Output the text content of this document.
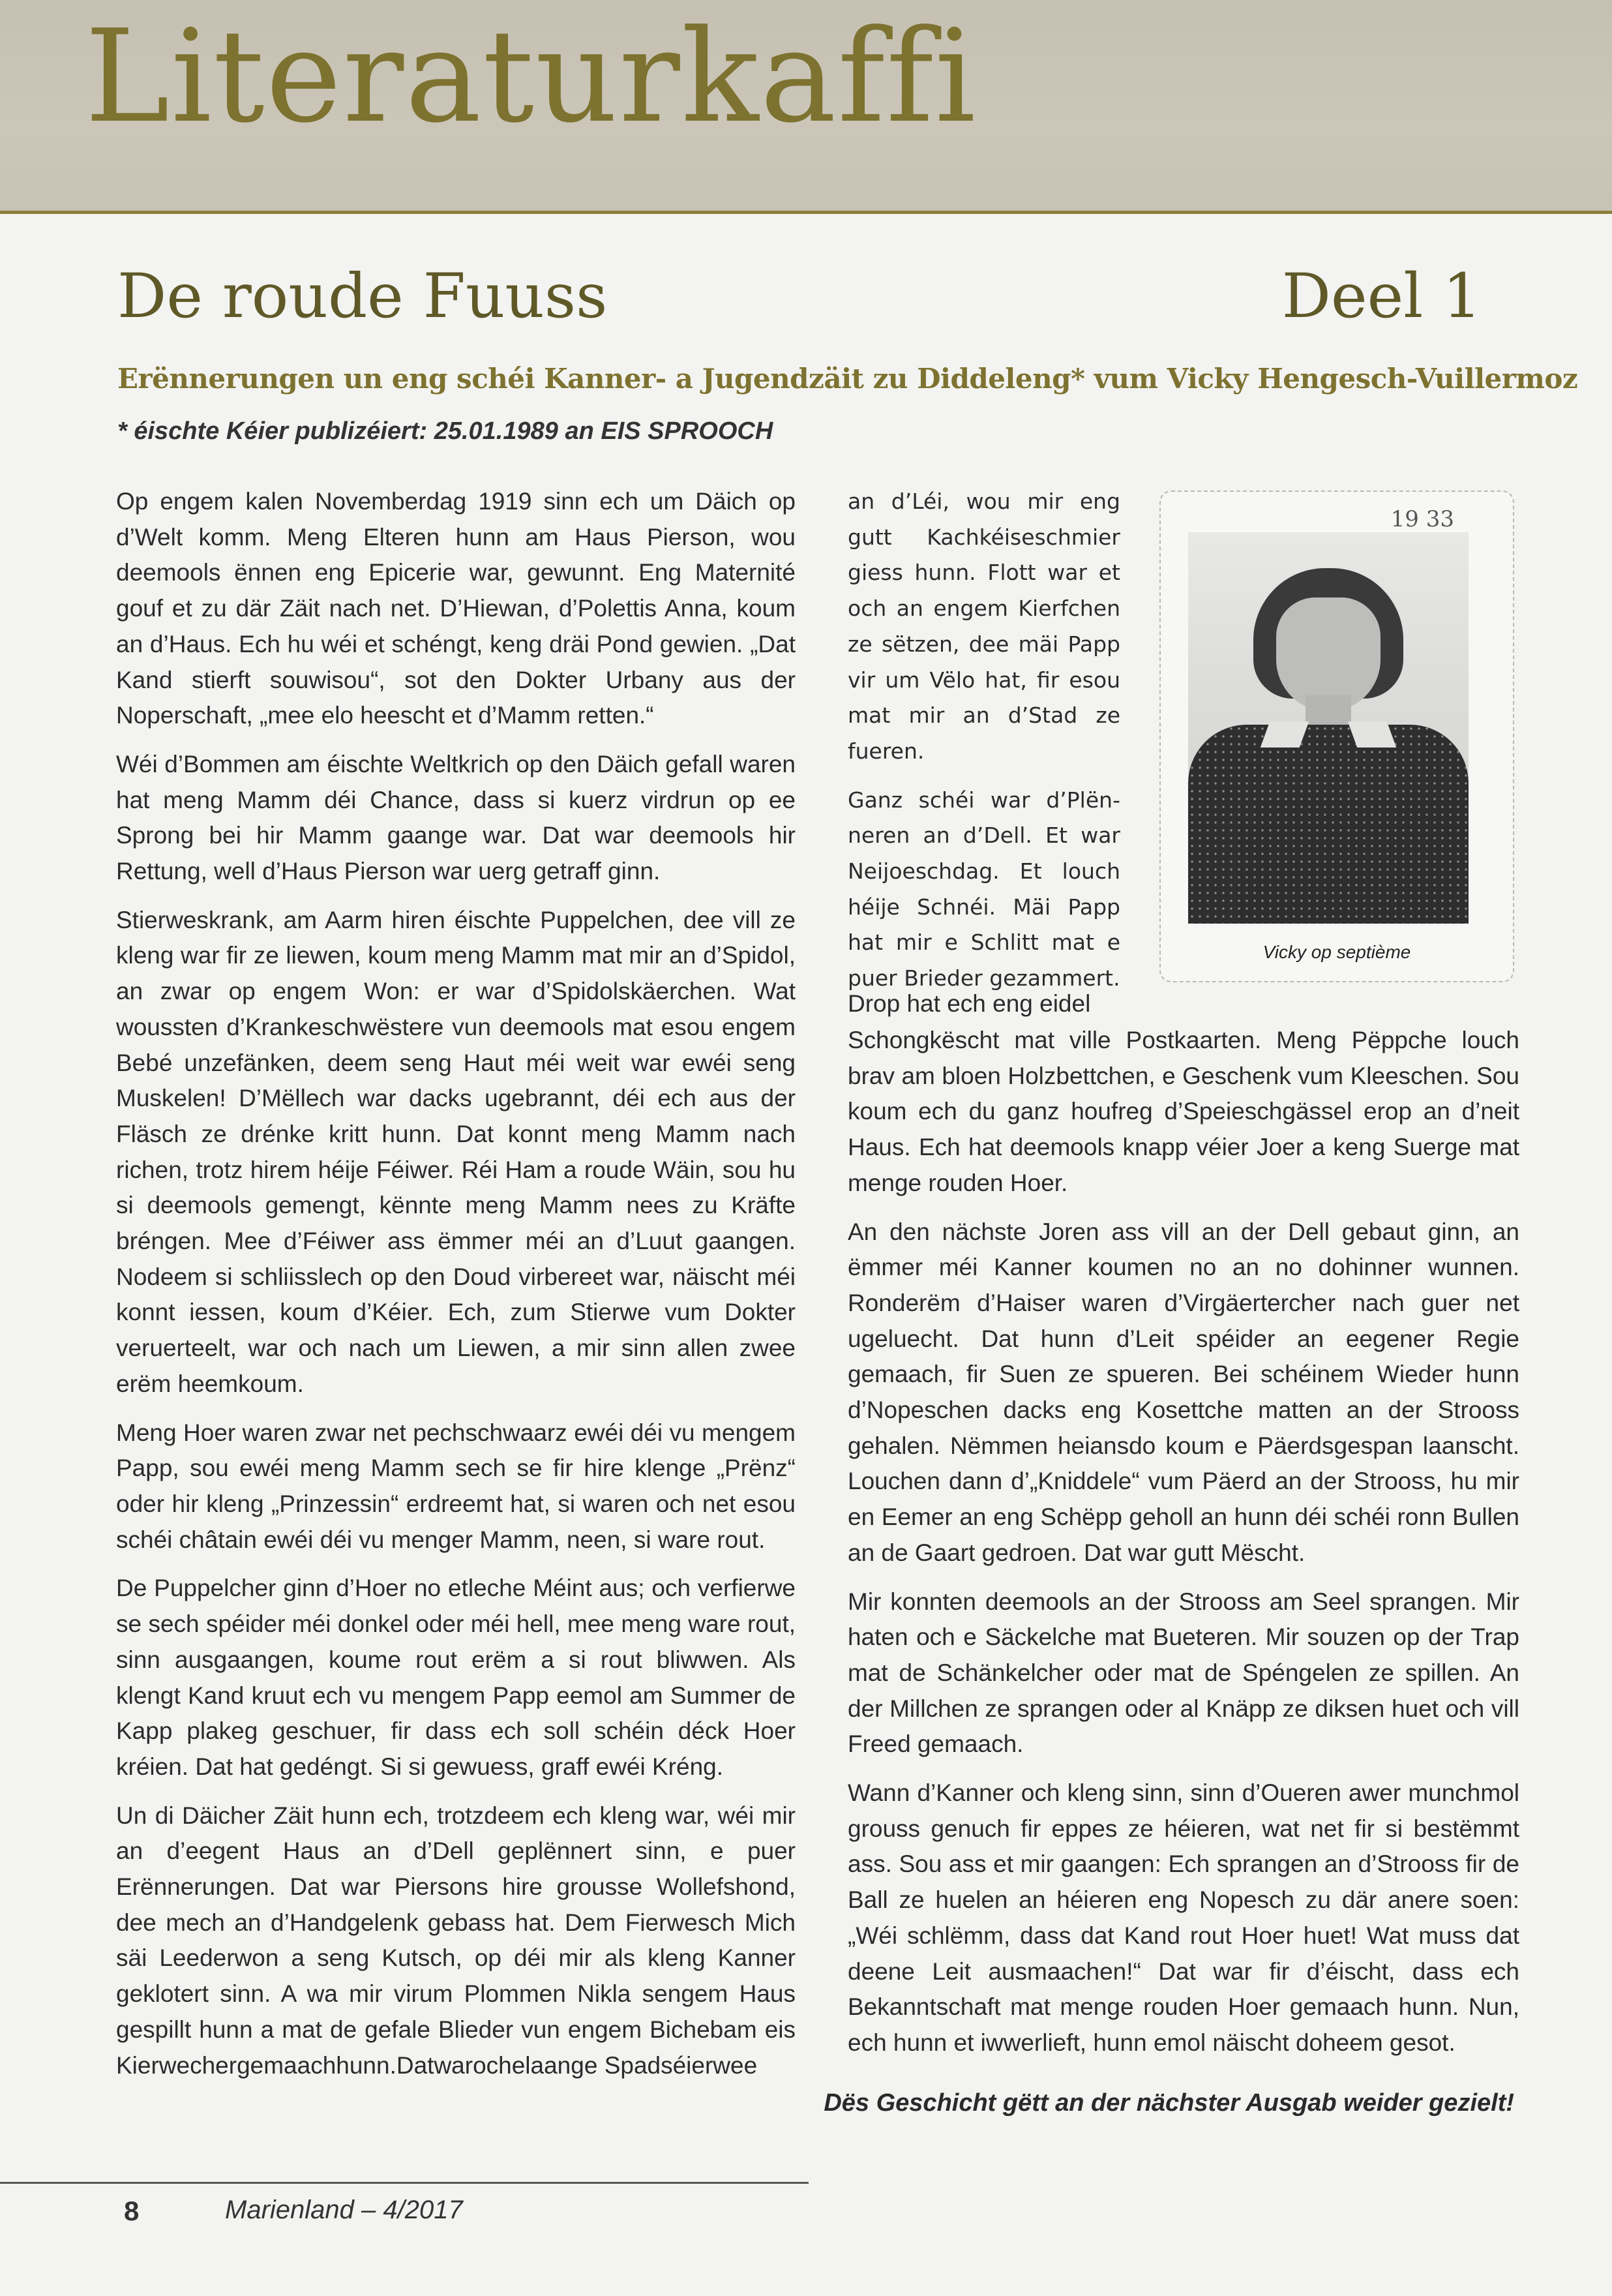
Literaturkaffi
De roude Fuuss	Deel 1
Erënnerungen un eng schéi Kanner- a Jugendzäit zu Diddeleng* vum Vicky Hengesch-Vuillermoz
* éischte Kéier publizéiert: 25.01.1989 an EIS SPROOCH

Op engem kalen Novemberdag 1919 sinn ech um Däich op d’Welt komm. Meng Elteren hunn am Haus Pierson, wou deemools ënnen eng Epicerie war, gewunnt. Eng Maternité gouf et zu där Zäit nach net. D’Hiewan, d’Polettis Anna, koum an d’Haus. Ech hu wéi et schéngt, keng dräi Pond gewien. „Dat Kand stierft souwisou“, sot den Dokter Urbany aus der Noperschaft, „mee elo heescht et d’Mamm retten.“

Wéi d’Bommen am éischte Weltkrich op den Däich gefall waren hat meng Mamm déi Chance, dass si kuerz virdrun op ee Sprong bei hir Mamm gaange war. Dat war deemools hir Rettung, well d’Haus Pierson war uerg getraff ginn.

Stierweskrank, am Aarm hiren éischte Puppelchen, dee vill ze kleng war fir ze liewen, koum meng Mamm mat mir an d’Spidol, an zwar op engem Won: er war d’Spidolskäerchen. Wat woussten d’Krankeschwëstere vun deemools mat esou engem Bebé unzefänken, deem seng Haut méi weit war ewéi seng Muskelen! D’Mëllech war dacks ugebrannt, déi ech aus der Fläsch ze drénke kritt hunn. Dat konnt meng Mamm nach richen, trotz hirem héije Féiwer. Réi Ham a roude Wäin, sou hu si deemools gemengt, kënnte meng Mamm nees zu Kräfte bréngen. Mee d’Féiwer ass ëmmer méi an d’Luut gaangen. Nodeem si schliisslech op den Doud virbereet war, näischt méi konnt iessen, koum d’Kéier. Ech, zum Stierwe vum Dokter veruerteelt, war och nach um Liewen, a mir sinn allen zwee erëm heemkoum.

Meng Hoer waren zwar net pechschwaarz ewéi déi vu mengem Papp, sou ewéi meng Mamm sech se fir hire klenge „Prënz“ oder hir kleng „Prinzessin“ erdreemt hat, si waren och net esou schéi châtain ewéi déi vu menger Mamm, neen, si ware rout.

De Puppelcher ginn d’Hoer no etleche Méint aus; och verfierwe se sech spéider méi donkel oder méi hell, mee meng ware rout, sinn ausgaangen, koume rout erëm a si rout bliwwen. Als klengt Kand kruut ech vu mengem Papp eemol am Summer de Kapp plakeg geschuer, fir dass ech soll schéin déck Hoer kréien. Dat hat gedéngt. Si si gewuess, graff ewéi Kréng.

Un di Däicher Zäit hunn ech, trotzdeem ech kleng war, wéi mir an d’eegent Haus an d’Dell geplënnert sinn, e puer Erënnerungen. Dat war Piersons hire grousse Wollefshond, dee mech an d’Handgelenk gebass hat. Dem Fierwesch Mich säi Leederwon a seng Kutsch, op déi mir als kleng Kanner geklotert sinn. A wa mir virum Plommen Nikla sengem Haus gespillt hunn a mat de gefale Blieder vun engem Bichebam eis Kierwechergemaachhunn.Datwarochelaange Spadséierwee

an d’Léi, wou mir eng gutt Kachkéiseschmier giess hunn. Flott war et och an engem Kierfchen ze sëtzen, dee mäi Papp vir um Vëlo hat, fir esou mat mir an d’Stad ze fueren.

Ganz schéi war d’Plënneren an d’Dell. Et war Neijoeschdag. Et louch héije Schnéi. Mäi Papp hat mir e Schlitt mat e puer Brieder gezammert.

Drop hat ech eng eidel
19 33
Vicky op septième

Schongkëscht mat ville Postkaarten. Meng Pëppche louch brav am bloen Holzbettchen, e Geschenk vum Kleeschen. Sou koum ech du ganz houfreg d’Speieschgässel erop an d’neit Haus. Ech hat deemools knapp véier Joer a keng Suerge mat menge rouden Hoer.

An den nächste Joren ass vill an der Dell gebaut ginn, an ëmmer méi Kanner koumen no an no dohinner wunnen. Ronderëm d’Haiser waren d’Virgäertercher nach guer net ugeluecht. Dat hunn d’Leit spéider an eegener Regie gemaach, fir Suen ze spueren. Bei schéinem Wieder hunn d’Nopeschen dacks eng Kosettche matten an der Strooss gehalen. Nëmmen heiansdo koum e Päerdsgespan laanscht. Louchen dann d’„Kniddele“ vum Päerd an der Strooss, hu mir en Eemer an eng Schëpp geholl an hunn déi schéi ronn Bullen an de Gaart gedroen. Dat war gutt Mëscht.

Mir konnten deemools an der Strooss am Seel sprangen. Mir haten och e Säckelche mat Bueteren. Mir souzen op der Trap mat de Schänkelcher oder mat de Spéngelen ze spillen. An der Millchen ze sprangen oder al Knäpp ze diksen huet och vill Freed gemaach.

Wann d’Kanner och kleng sinn, sinn d’Oueren awer munchmol grouss genuch fir eppes ze héieren, wat net fir si bestëmmt ass. Sou ass et mir gaangen: Ech sprangen an d’Strooss fir de Ball ze huelen an héieren eng Nopesch zu där anere soen: „Wéi schlëmm, dass dat Kand rout Hoer huet! Wat muss dat deene Leit ausmaachen!“ Dat war fir d’éischt, dass ech Bekanntschaft mat menge rouden Hoer gemaach hunn. Nun, ech hunn et iwwerlieft, hunn emol näischt doheem gesot.

Dës Geschicht gëtt an der nächster Ausgab weider gezielt!
8	Marienland – 4/2017
